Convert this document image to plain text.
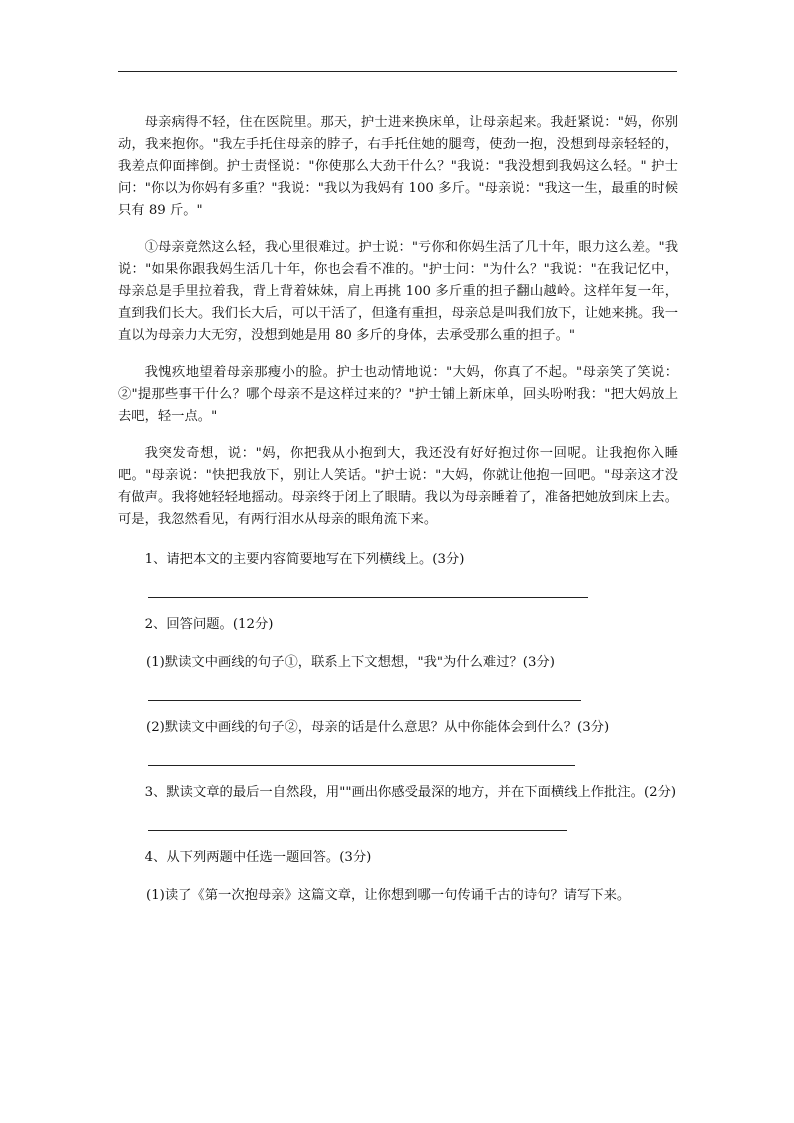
母亲病得不轻，住在医院里。那天，护士进来换床单，让母亲起来。我赶紧说："妈，你别动，我来抱你。"我左手托住母亲的脖子，右手托住她的腿弯，使劲一抱，没想到母亲轻轻的，我差点仰面摔倒。护士责怪说："你使那么大劲干什么？"我说："我没想到我妈这么轻。" 护士问："你以为你妈有多重？"我说："我以为我妈有 100 多斤。"母亲说："我这一生，最重的时候只有 89 斤。"

①母亲竟然这么轻，我心里很难过。护士说："亏你和你妈生活了几十年，眼力这么差。"我说："如果你跟我妈生活几十年，你也会看不准的。"护士问："为什么？"我说："在我记忆中，母亲总是手里拉着我，背上背着妹妹，肩上再挑 100 多斤重的担子翻山越岭。这样年复一年，直到我们长大。我们长大后，可以干活了，但逢有重担，母亲总是叫我们放下，让她来挑。我一直以为母亲力大无穷，没想到她是用 80 多斤的身体，去承受那么重的担子。"

我愧疚地望着母亲那瘦小的脸。护士也动情地说："大妈，你真了不起。"母亲笑了笑说：②"提那些事干什么？哪个母亲不是这样过来的？"护士铺上新床单，回头吩咐我："把大妈放上去吧，轻一点。"

我突发奇想，说："妈，你把我从小抱到大，我还没有好好抱过你一回呢。让我抱你入睡吧。"母亲说："快把我放下，别让人笑话。"护士说："大妈，你就让他抱一回吧。"母亲这才没有做声。我将她轻轻地摇动。母亲终于闭上了眼睛。我以为母亲睡着了，准备把她放到床上去。可是，我忽然看见，有两行泪水从母亲的眼角流下来。

1、请把本文的主要内容简要地写在下列横线上。(3分)

2、回答问题。(12分)

(1)默读文中画线的句子①，联系上下文想想，"我"为什么难过？(3分)

(2)默读文中画线的句子②，母亲的话是什么意思？从中你能体会到什么？(3分)

3、默读文章的最后一自然段，用""画出你感受最深的地方，并在下面横线上作批注。(2分)

4、从下列两题中任选一题回答。(3分)

(1)读了《第一次抱母亲》这篇文章，让你想到哪一句传诵千古的诗句？请写下来。
